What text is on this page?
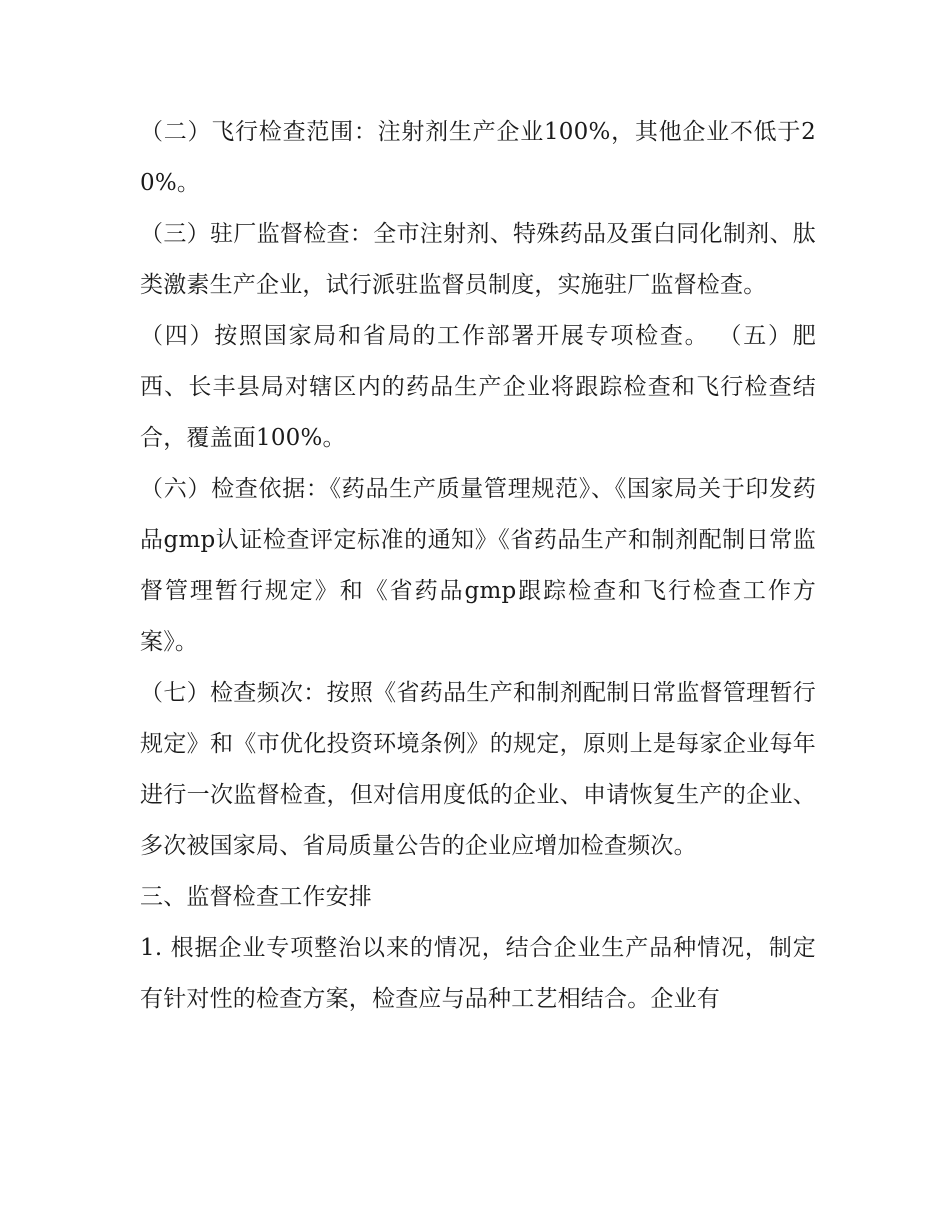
（二）飞行检查范围：注射剂生产企业100%，其他企业不低于20%。

（三）驻厂监督检查：全市注射剂、特殊药品及蛋白同化制剂、肽类激素生产企业，试行派驻监督员制度，实施驻厂监督检查。

（四）按照国家局和省局的工作部署开展专项检查。 （五）肥西、长丰县局对辖区内的药品生产企业将跟踪检查和飞行检查结合，覆盖面100%。

（六）检查依据：《药品生产质量管理规范》、《国家局关于印发药品gmp认证检查评定标准的通知》《省药品生产和制剂配制日常监督管理暂行规定》和《省药品gmp跟踪检查和飞行检查工作方案》。

（七）检查频次：按照《省药品生产和制剂配制日常监督管理暂行规定》和《市优化投资环境条例》的规定，原则上是每家企业每年进行一次监督检查，但对信用度低的企业、申请恢复生产的企业、多次被国家局、省局质量公告的企业应增加检查频次。

三、监督检查工作安排

1. 根据企业专项整治以来的情况，结合企业生产品种情况，制定有针对性的检查方案，检查应与品种工艺相结合。企业有
